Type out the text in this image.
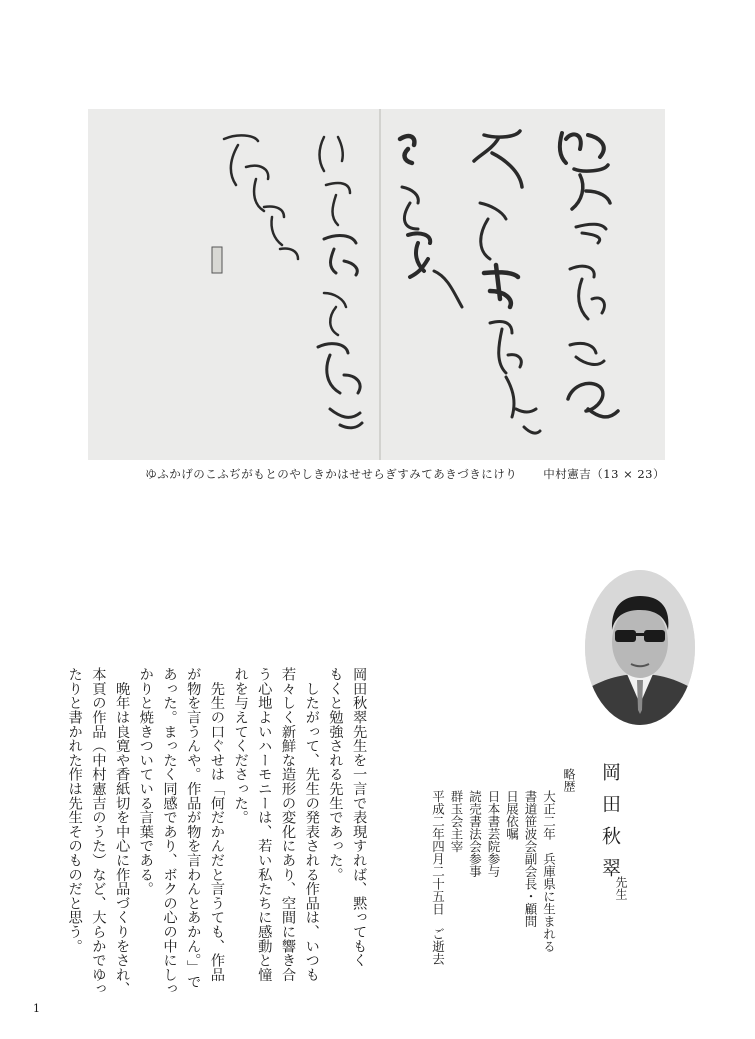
ゆふかげのこふぢがもとのやしきかはせせらぎすみてあきづきにけり 中村憲吉（13 × 23）
岡田秋翠
先生
略歴
大正二年　兵庫県に生まれる
書道笹波会副会長・顧問
日展依嘱
日本書芸院参与
読売書法会参事
群玉会主宰
平成二年四月二十五日　ご逝去
岡田秋翠先生を一言で表現すれば、黙ってもく
もくと勉強される先生であった。
　したがって、先生の発表される作品は、いつも
若々しく新鮮な造形の変化にあり、空間に響き合
う心地よいハーモニーは、若い私たちに感動と憧
れを与えてくださった。
　先生の口ぐせは「何だかんだと言うても、作品
が物を言うんや。作品が物を言わんとあかん。」で
あった。まったく同感であり、ボクの心の中にしっ
かりと焼きついている言葉である。
　晩年は良寛や香紙切を中心に作品づくりをされ、
本頁の作品（中村憲吉のうた）など、大らかでゆっ
たりと書かれた作は先生そのものだと思う。
1
